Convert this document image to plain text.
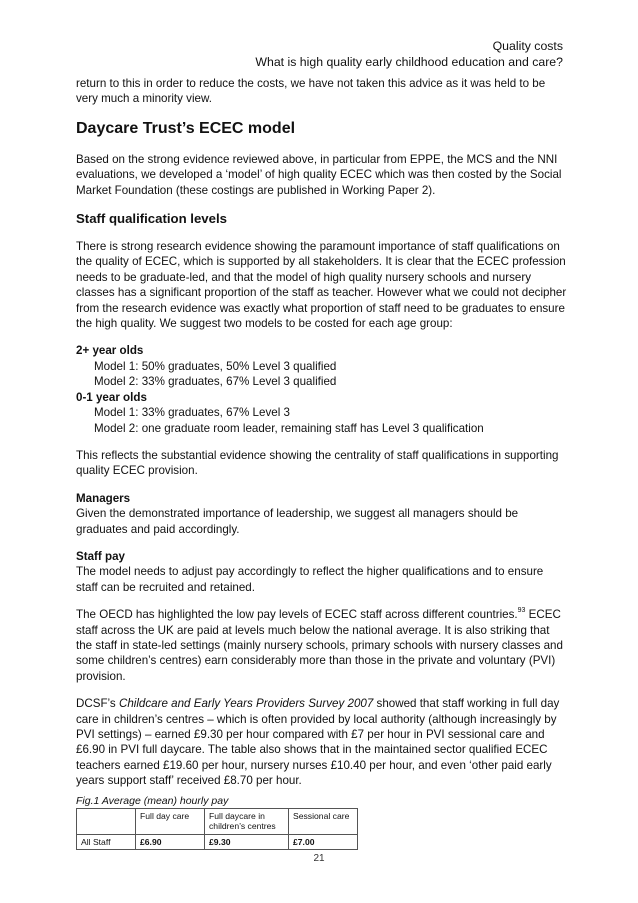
Quality costs
What is high quality early childhood education and care?

return to this in order to reduce the costs, we have not taken this advice as it was held to be very much a minority view.

Daycare Trust’s ECEC model

Based on the strong evidence reviewed above, in particular from EPPE, the MCS and the NNI evaluations, we developed a ‘model’ of high quality ECEC which was then costed by the Social Market Foundation (these costings are published in Working Paper 2).

Staff qualification levels

There is strong research evidence showing the paramount importance of staff qualifications on the quality of ECEC, which is supported by all stakeholders. It is clear that the ECEC profession needs to be graduate-led, and that the model of high quality nursery schools and nursery classes has a significant proportion of the staff as teacher. However what we could not decipher from the research evidence was exactly what proportion of staff need to be graduates to ensure the high quality. We suggest two models to be costed for each age group:

2+ year olds
Model 1: 50% graduates, 50% Level 3 qualified
Model 2: 33% graduates, 67% Level 3 qualified
0-1 year olds
Model 1: 33% graduates, 67% Level 3
Model 2: one graduate room leader, remaining staff has Level 3 qualification

This reflects the substantial evidence showing the centrality of staff qualifications in supporting quality ECEC provision.

Managers
Given the demonstrated importance of leadership, we suggest all managers should be graduates and paid accordingly.
Staff pay
The model needs to adjust pay accordingly to reflect the higher qualifications and to ensure staff can be recruited and retained.

The OECD has highlighted the low pay levels of ECEC staff across different countries.$^{93}$ ECEC staff across the UK are paid at levels much below the national average. It is also striking that the staff in state-led settings (mainly nursery schools, primary schools with nursery classes and some children’s centres) earn considerably more than those in the private and voluntary (PVI) provision.

DCSF’s Childcare and Early Years Providers Survey 2007 showed that staff working in full day care in children’s centres – which is often provided by local authority (although increasingly by PVI settings) – earned £9.30 per hour compared with £7 per hour in PVI sessional care and £6.90 in PVI full daycare. The table also shows that in the maintained sector qualified ECEC teachers earned £19.60 per hour, nursery nurses £10.40 per hour, and even ‘other paid early years support staff’ received £8.70 per hour.

Fig.1 Average (mean) hourly pay
	Full day care	Full daycare in children’s centres	Sessional care
All Staff	£6.90	£9.30	£7.00
21
